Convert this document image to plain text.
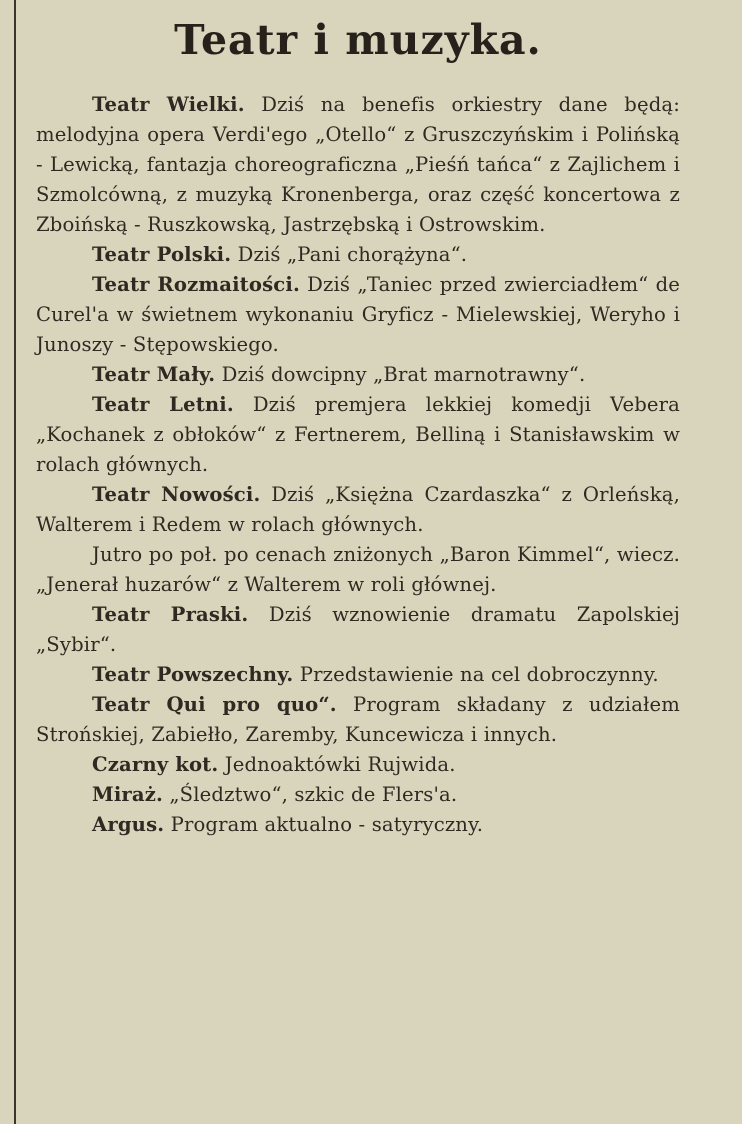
Teatr i muzyka.

Teatr Wielki. Dziś na benefis orkiestry dane będą: melodyjna opera Verdi'ego „Otello“ z Gruszczyńskim i Polińską - Lewicką, fantazja choreograficzna „Pieśń tańca“ z Zajlichem i Szmolcówną, z muzyką Kronenberga, oraz część koncertowa z Zboińską - Ruszkowską, Jastrzębską i Ostrowskim.

Teatr Polski. Dziś „Pani chorążyna“.

Teatr Rozmaitości. Dziś „Taniec przed zwierciadłem“ de Curel'a w świetnem wykonaniu Gryficz - Mielewskiej, Weryho i Junoszy - Stępowskiego.

Teatr Mały. Dziś dowcipny „Brat marnotrawny“.

Teatr Letni. Dziś premjera lekkiej komedji Vebera „Kochanek z obłoków“ z Fertnerem, Belliną i Stanisławskim w rolach głównych.

Teatr Nowości. Dziś „Księżna Czardaszka“ z Orleńską, Walterem i Redem w rolach głównych.

Jutro po poł. po cenach zniżonych „Baron Kimmel“, wiecz. „Jenerał huzarów“ z Walterem w roli głównej.

Teatr Praski. Dziś wznowienie dramatu Zapolskiej „Sybir“.

Teatr Powszechny. Przedstawienie na cel dobroczynny.

Teatr Qui pro quo“. Program składany z udziałem Strońskiej, Zabiełło, Zaremby, Kuncewicza i innych.

Czarny kot. Jednoaktówki Rujwida.

Miraż. „Śledztwo“, szkic de Flers'a.

Argus. Program aktualno - satyryczny.
